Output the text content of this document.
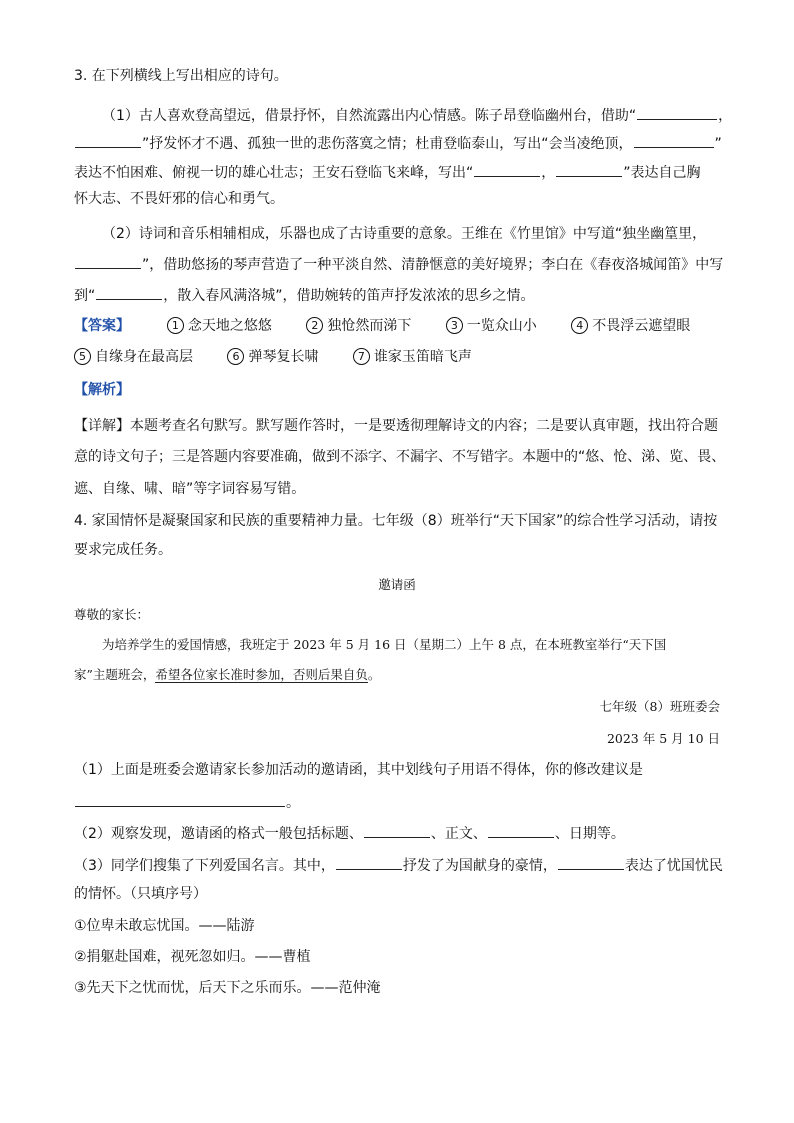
3. 在下列横线上写出相应的诗句。
（1）古人喜欢登高望远，借景抒怀，自然流露出内心情感。陈子昂登临幽州台，借助“	，
”抒发怀才不遇、孤独一世的悲伤落寞之情；杜甫登临泰山，写出“会当凌绝顶，	”
表达不怕困难、俯视一切的雄心壮志；王安石登临飞来峰，写出“	，	”表达自己胸
怀大志、不畏奸邪的信心和勇气。
（2）诗词和音乐相辅相成，乐器也成了古诗重要的意象。王维在《竹里馆》中写道“独坐幽篁里，
”，借助悠扬的琴声营造了一种平淡自然、清静惬意的美好境界；李白在《春夜洛城闻笛》中写
到“	，散入春风满洛城”，借助婉转的笛声抒发浓浓的思乡之情。
【答案】	1 念天地之悠悠	2 独怆然而涕下	3 一览众山小	4 不畏浮云遮望眼
5 自缘身在最高层	6 弹琴复长啸	7 谁家玉笛暗飞声
【解析】
【详解】本题考查名句默写。默写题作答时，一是要透彻理解诗文的内容；二是要认真审题，找出符合题
意的诗文句子；三是答题内容要准确，做到不添字、不漏字、不写错字。本题中的“悠、怆、涕、览、畏、
遮、自缘、啸、暗”等字词容易写错。
4. 家国情怀是凝聚国家和民族的重要精神力量。七年级（8）班举行“天下国家”的综合性学习活动，请按
要求完成任务。
邀请函
尊敬的家长：
为培养学生的爱国情感，我班定于 2023 年 5 月 16 日（星期二）上午 8 点，在本班教室举行“天下国
家”主题班会，希望各位家长准时参加，否则后果自负。
七年级（8）班班委会
2023 年 5 月 10 日
（1）上面是班委会邀请家长参加活动的邀请函，其中划线句子用语不得体，你的修改建议是
。
（2）观察发现，邀请函的格式一般包括标题、	、正文、	、日期等。
（3）同学们搜集了下列爱国名言。其中，	抒发了为国献身的豪情，	表达了忧国忧民
的情怀。（只填序号）
①位卑未敢忘忧国。——陆游
②捐躯赴国难，视死忽如归。——曹植
③先天下之忧而忧，后天下之乐而乐。——范仲淹
